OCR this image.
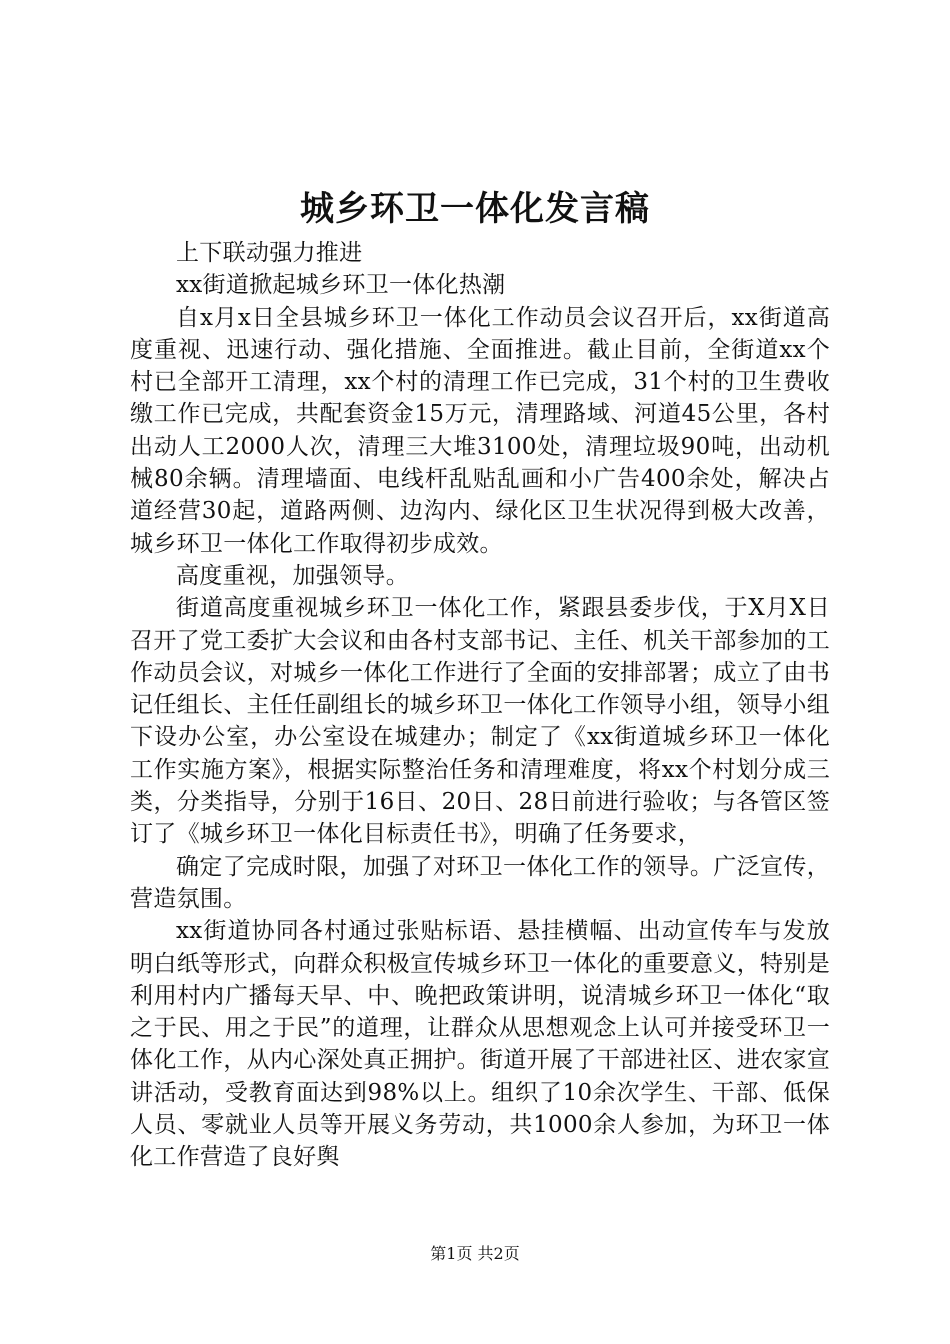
城乡环卫一体化发言稿

上下联动强力推进

xx街道掀起城乡环卫一体化热潮

自x月x日全县城乡环卫一体化工作动员会议召开后，xx街道高度重视、迅速行动、强化措施、全面推进。截止目前，全街道xx个村已全部开工清理，xx个村的清理工作已完成，31个村的卫生费收缴工作已完成，共配套资金15万元，清理路域、河道45公里，各村出动人工2000人次，清理三大堆3100处，清理垃圾90吨，出动机械80余辆。清理墙面、电线杆乱贴乱画和小广告400余处，解决占道经营30起，道路两侧、边沟内、绿化区卫生状况得到极大改善，城乡环卫一体化工作取得初步成效。

高度重视，加强领导。

街道高度重视城乡环卫一体化工作，紧跟县委步伐，于X月X日召开了党工委扩大会议和由各村支部书记、主任、机关干部参加的工作动员会议，对城乡一体化工作进行了全面的安排部署；成立了由书记任组长、主任任副组长的城乡环卫一体化工作领导小组，领导小组下设办公室，办公室设在城建办；制定了《xx街道城乡环卫一体化工作实施方案》，根据实际整治任务和清理难度，将xx个村划分成三类，分类指导，分别于16日、20日、28日前进行验收；与各管区签订了《城乡环卫一体化目标责任书》，明确了任务要求，

确定了完成时限，加强了对环卫一体化工作的领导。广泛宣传，营造氛围。

xx街道协同各村通过张贴标语、悬挂横幅、出动宣传车与发放明白纸等形式，向群众积极宣传城乡环卫一体化的重要意义，特别是利用村内广播每天早、中、晚把政策讲明，说清城乡环卫一体化“取之于民、用之于民”的道理，让群众从思想观念上认可并接受环卫一体化工作，从内心深处真正拥护。街道开展了干部进社区、进农家宣讲活动，受教育面达到98%以上。组织了10余次学生、干部、低保人员、零就业人员等开展义务劳动，共1000余人参加，为环卫一体化工作营造了良好舆

第1页 共2页
